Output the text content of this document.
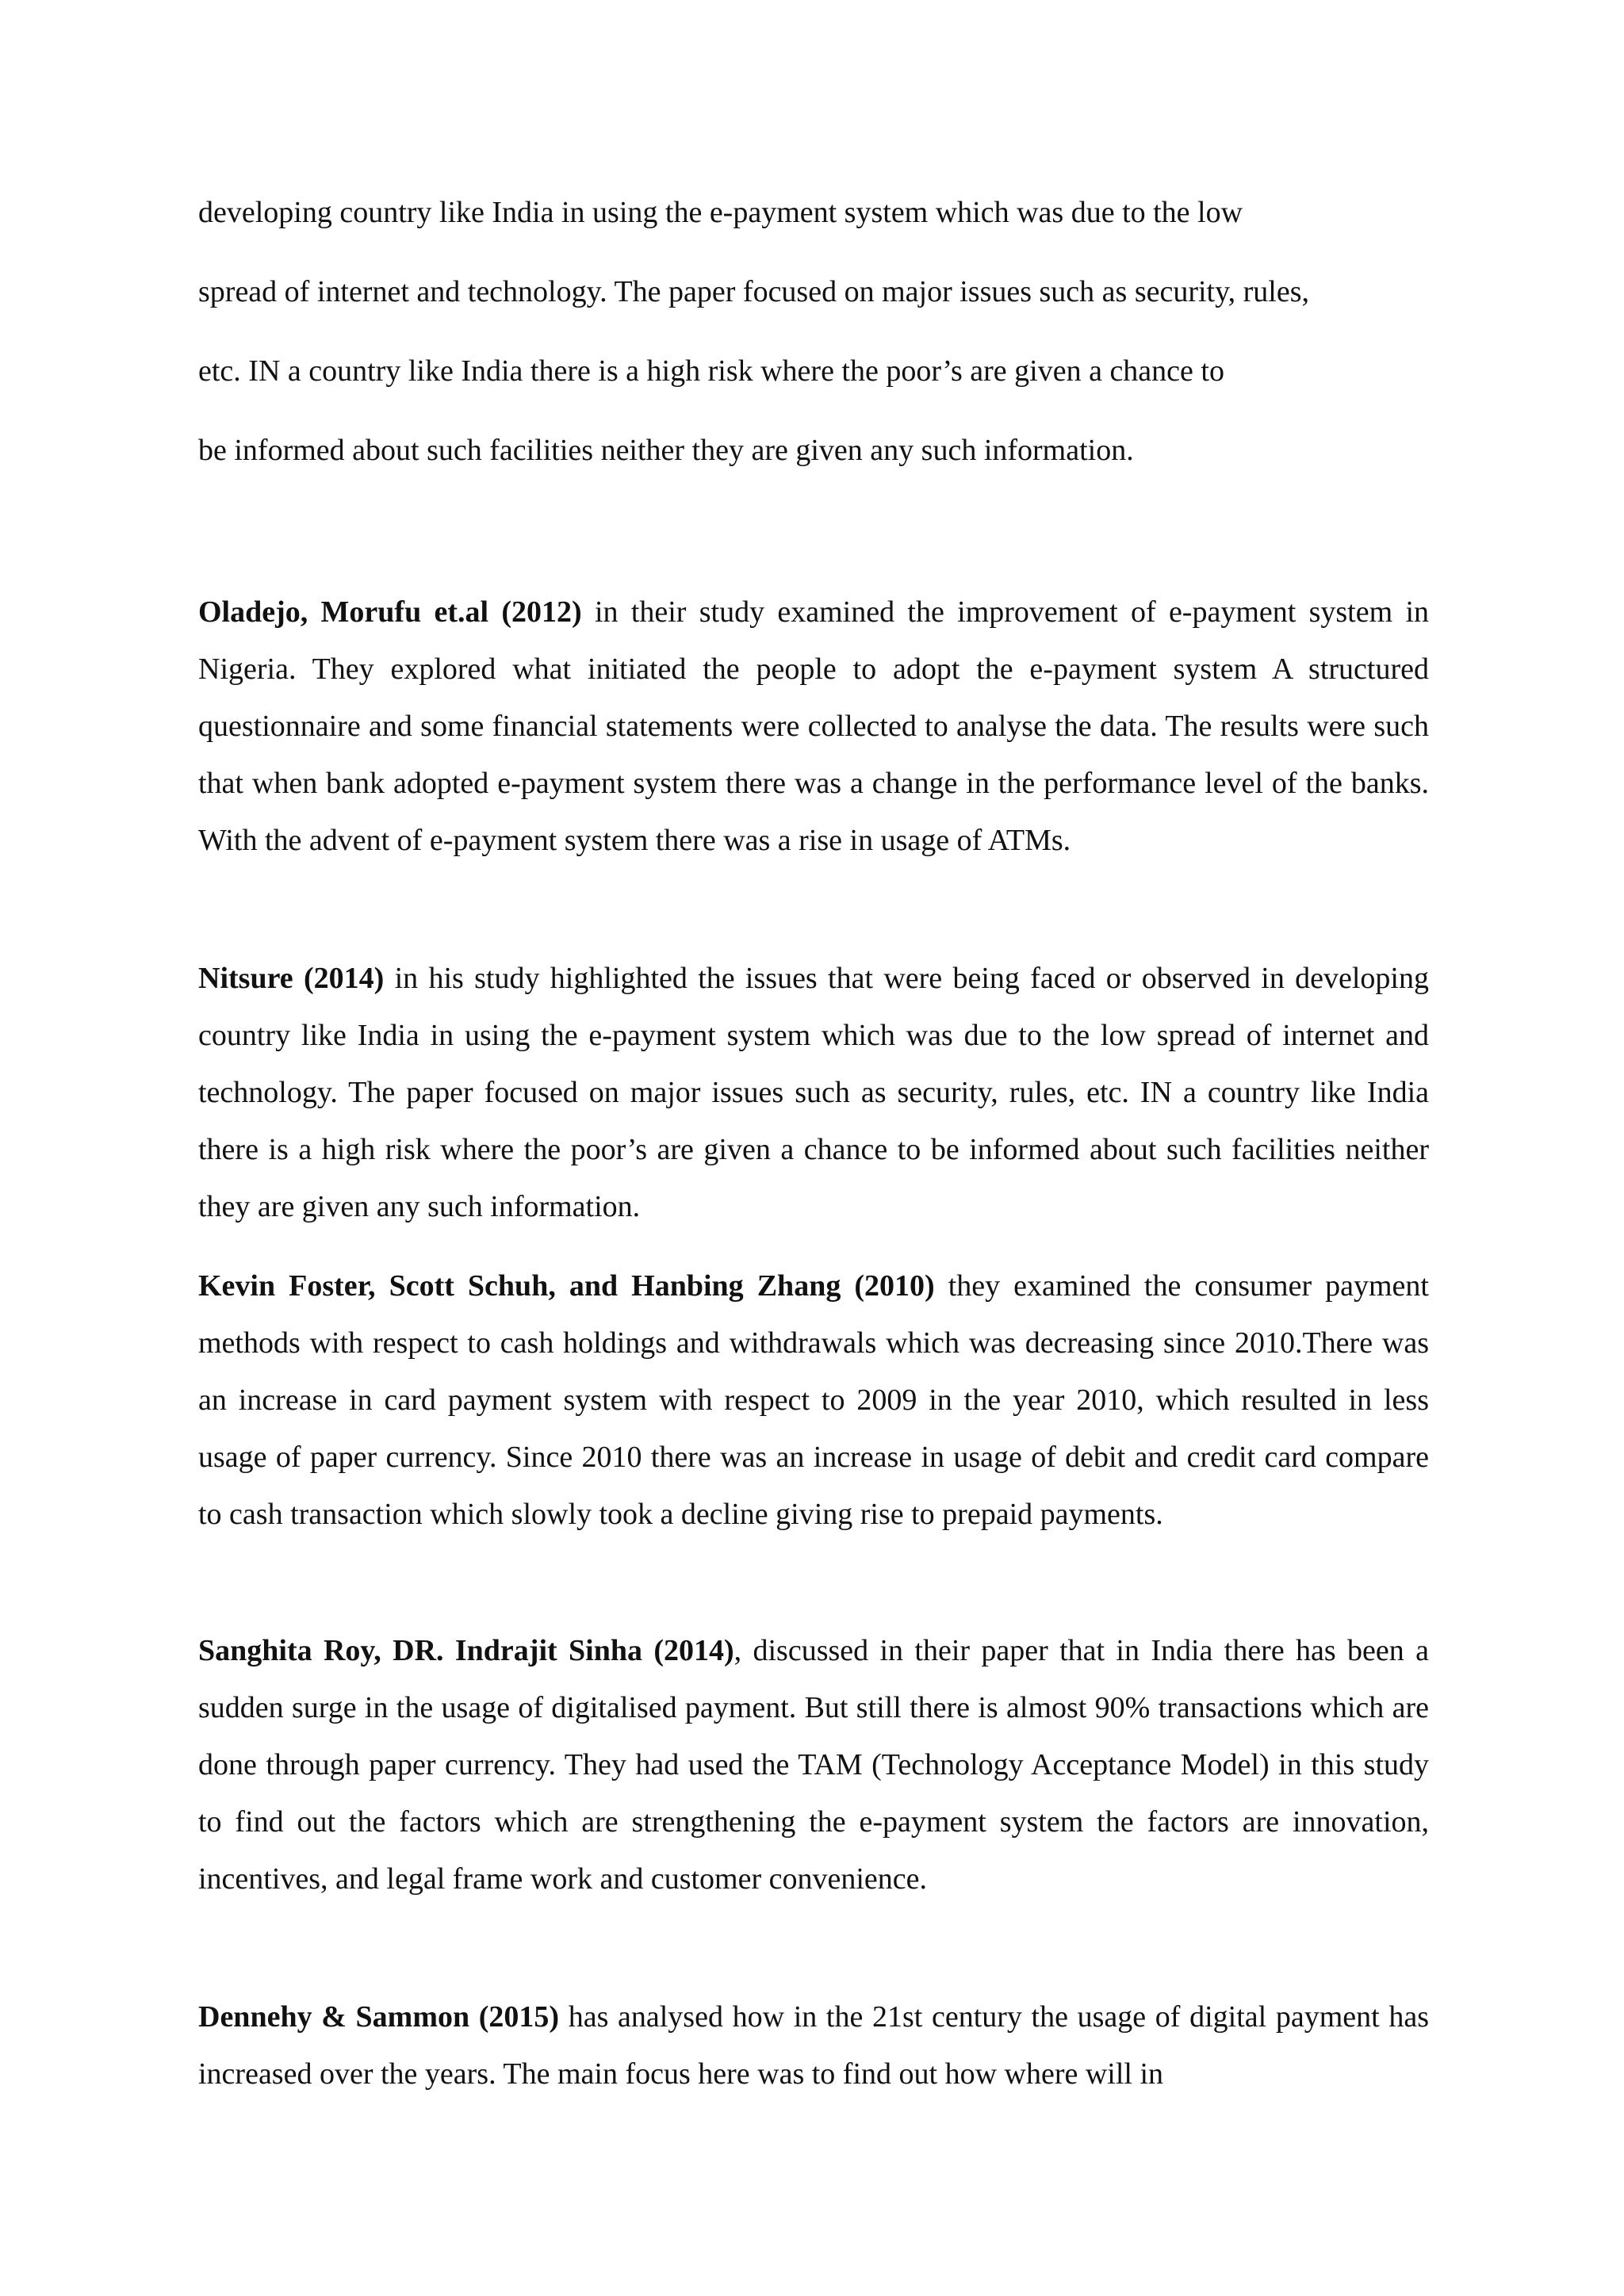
developing country like India in using the e-payment system which was due to the low
spread of internet and technology. The paper focused on major issues such as security, rules,
etc. IN a country like India there is a high risk where the poor’s are given a chance to
be informed about such facilities neither they are given any such information.

Oladejo, Morufu et.al (2012) in their study examined the improvement of e-payment system in Nigeria. They explored what initiated the people to adopt the e-payment system A structured questionnaire and some financial statements were collected to analyse the data. The results were such that when bank adopted e-payment system there was a change in the performance level of the banks. With the advent of e-payment system there was a rise in usage of ATMs.

Nitsure (2014) in his study highlighted the issues that were being faced or observed in developing country like India in using the e-payment system which was due to the low spread of internet and technology. The paper focused on major issues such as security, rules, etc. IN a country like India there is a high risk where the poor’s are given a chance to be informed about such facilities neither they are given any such information.

Kevin Foster, Scott Schuh, and Hanbing Zhang (2010) they examined the consumer payment methods with respect to cash holdings and withdrawals which was decreasing since 2010.There was an increase in card payment system with respect to 2009 in the year 2010, which resulted in less usage of paper currency. Since 2010 there was an increase in usage of debit and credit card compare to cash transaction which slowly took a decline giving rise to prepaid payments.

Sanghita Roy, DR. Indrajit Sinha (2014), discussed in their paper that in India there has been a sudden surge in the usage of digitalised payment. But still there is almost 90% transactions which are done through paper currency. They had used the TAM (Technology Acceptance Model) in this study to find out the factors which are strengthening the e-payment system the factors are innovation, incentives, and legal frame work and customer convenience.

Dennehy & Sammon (2015) has analysed how in the 21st century the usage of digital payment has increased over the years. The main focus here was to find out how where will in
